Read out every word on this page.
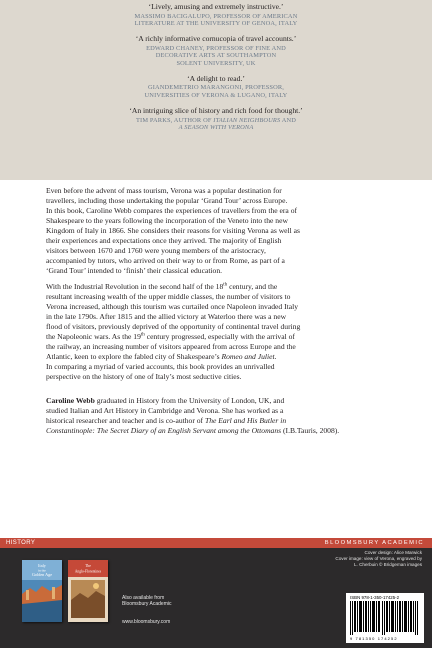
‘Lively, amusing and extremely instructive.’
MASSIMO BACIGALUPO, PROFESSOR OF AMERICAN
LITERATURE AT THE UNIVERSITY OF GENOA, ITALY
‘A richly informative cornucopia of travel accounts.’
EDWARD CHANEY, PROFESSOR OF FINE AND
DECORATIVE ARTS AT SOUTHAMPTON
SOLENT UNIVERSITY, UK
‘A delight to read.’
GIANDEMETRIO MARANGONI, PROFESSOR,
UNIVERSITIES OF VERONA & LUGANO, ITALY
‘An intriguing slice of history and rich food for thought.’
TIM PARKS, AUTHOR OF ITALIAN NEIGHBOURS AND
A SEASON WITH VERONA
Even before the advent of mass tourism, Verona was a popular destination for
travellers, including those undertaking the popular ‘Grand Tour’ across Europe.
In this book, Caroline Webb compares the experiences of travellers from the era of
Shakespeare to the years following the incorporation of the Veneto into the new
Kingdom of Italy in 1866. She considers their reasons for visiting Verona as well as
their experiences and expectations once they arrived. The majority of English
visitors between 1670 and 1760 were young members of the aristocracy,
accompanied by tutors, who arrived on their way to or from Rome, as part of a
‘Grand Tour’ intended to ‘finish’ their classical education.
With the Industrial Revolution in the second half of the 18th century, and the
resultant increasing wealth of the upper middle classes, the number of visitors to
Verona increased, although this tourism was curtailed once Napoleon invaded Italy
in the late 1790s. After 1815 and the allied victory at Waterloo there was a new
flood of visitors, previously deprived of the opportunity of continental travel during
the Napoleonic wars. As the 19th century progressed, especially with the arrival of
the railway, an increasing number of visitors appeared from across Europe and the
Atlantic, keen to explore the fabled city of Shakespeare’s Romeo and Juliet.
In comparing a myriad of varied accounts, this book provides an unrivalled
perspective on the history of one of Italy’s most seductive cities.
Caroline Webb graduated in History from the University of London, UK, and
studied Italian and Art History in Cambridge and Verona. She has worked as a
historical researcher and teacher and is co-author of The Earl and His Butler in
Constantinople: The Secret Diary of an English Servant among the Ottomans (I.B.Tauris, 2008).
HISTORY	BLOOMSBURY ACADEMIC
Italy
in the
Golden Age
The
Anglo-Florentines
Also available from
Bloomsbury Academic
www.bloomsbury.com
Cover design: Alice Marwick
Cover image: view of Verona, engraved by
L. Cherbuin © Bridgeman images
ISBN 978-1-350-17425-2
9 781350 174252
